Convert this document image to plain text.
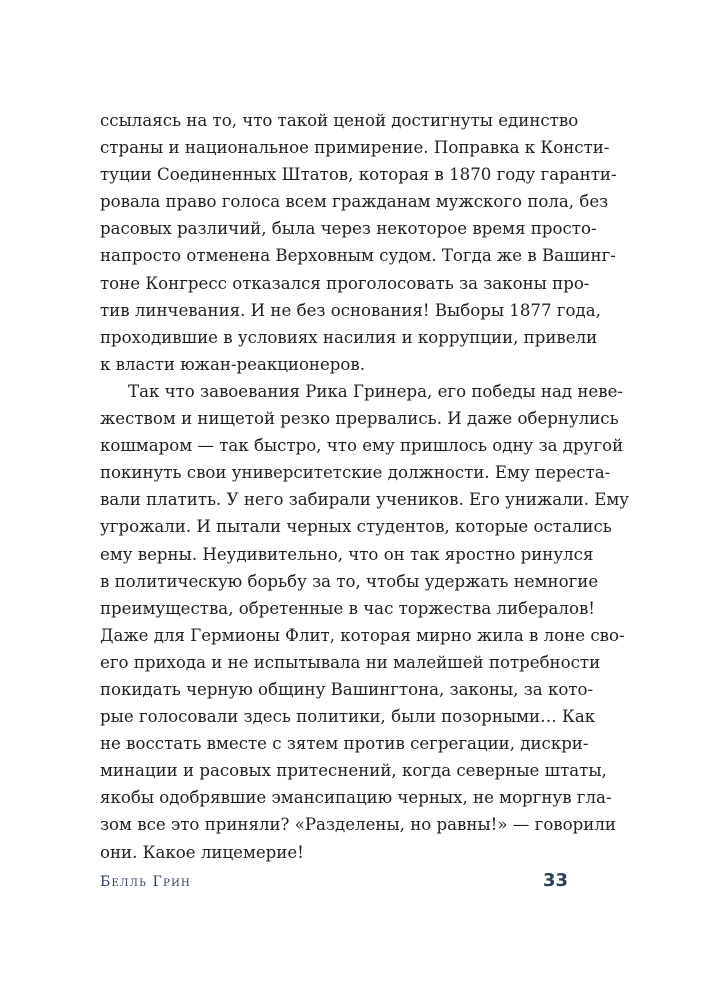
ссылаясь на то, что такой ценой достигнуты единство
страны и национальное примирение. Поправка к Консти-
туции Соединенных Штатов, которая в 1870 году гаранти-
ровала право голоса всем гражданам мужского пола, без
расовых различий, была через некоторое время просто-
напросто отменена Верховным судом. Тогда же в Вашинг-
тоне Конгресс отказался проголосовать за законы про-
тив линчевания. И не без основания! Выборы 1877 года,
проходившие в условиях насилия и коррупции, привели
к власти южан-реакционеров.
Так что завоевания Рика Гринера, его победы над неве-
жеством и нищетой резко прервались. И даже обернулись
кошмаром — так быстро, что ему пришлось одну за другой
покинуть свои университетские должности. Ему переста-
вали платить. У него забирали учеников. Его унижали. Ему
угрожали. И пытали черных студентов, которые остались
ему верны. Неудивительно, что он так яростно ринулся
в политическую борьбу за то, чтобы удержать немногие
преимущества, обретенные в час торжества либералов!
Даже для Гермионы Флит, которая мирно жила в лоне сво-
его прихода и не испытывала ни малейшей потребности
покидать черную общину Вашингтона, законы, за кото-
рые голосовали здесь политики, были позорными… Как
не восстать вместе с зятем против сегрегации, дискри-
минации и расовых притеснений, когда северные штаты,
якобы одобрявшие эмансипацию черных, не моргнув гла-
зом все это приняли? «Разделены, но равны!» — говорили
они. Какое лицемерие!
Белль Грин	33
